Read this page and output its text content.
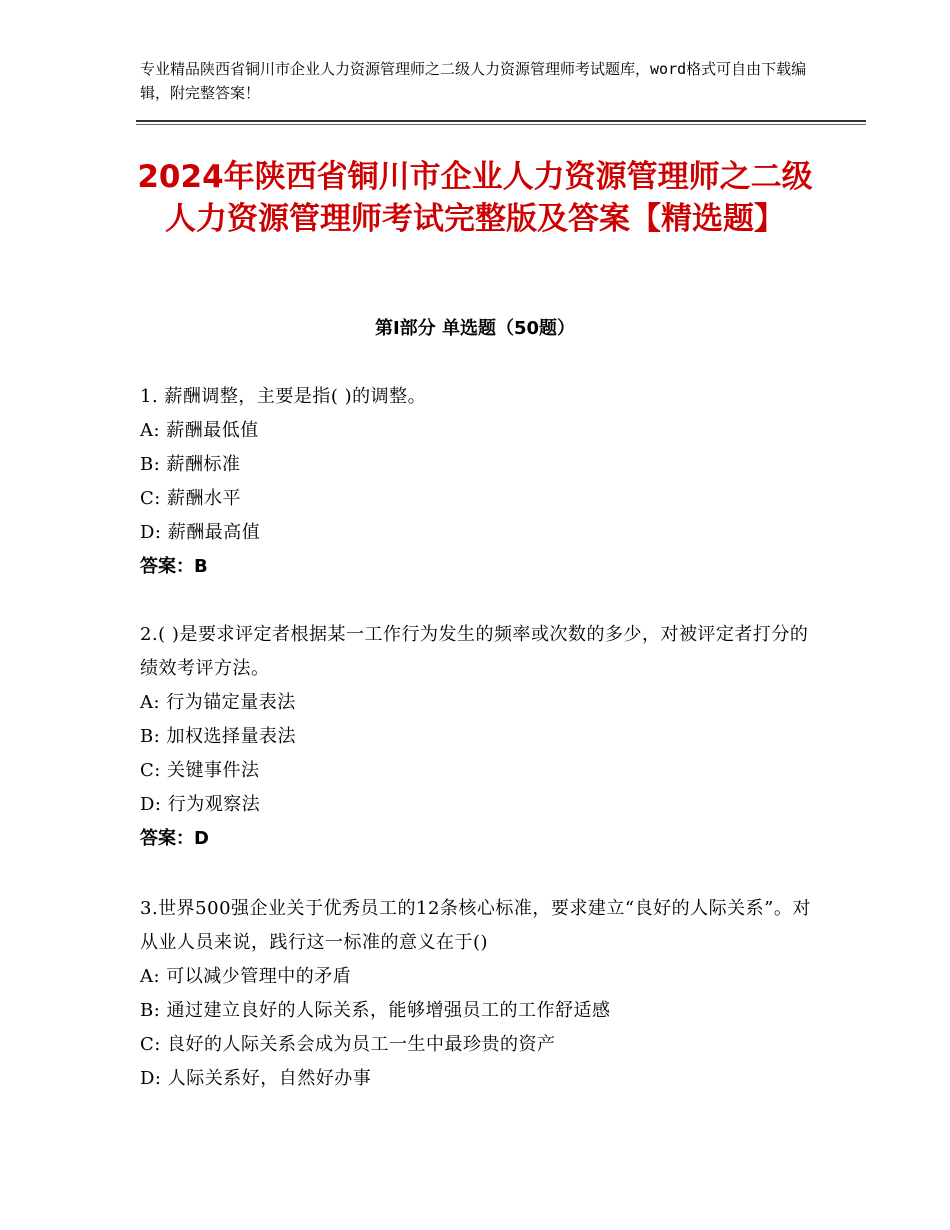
专业精品陕西省铜川市企业人力资源管理师之二级人力资源管理师考试题库，word格式可自由下载编辑，附完整答案！
2024年陕西省铜川市企业人力资源管理师之二级人力资源管理师考试完整版及答案【精选题】
第Ⅰ部分 单选题（50题）

1. 薪酬调整，主要是指( )的调整。

A: 薪酬最低值

B: 薪酬标准

C: 薪酬水平

D: 薪酬最高值

答案：B

2.( )是要求评定者根据某一工作行为发生的频率或次数的多少，对被评定者打分的绩效考评方法。

A: 行为锚定量表法

B: 加权选择量表法

C: 关键事件法

D: 行为观察法

答案：D

3.世界500强企业关于优秀员工的12条核心标准，要求建立“良好的人际关系”。对从业人员来说，践行这一标准的意义在于()

A: 可以减少管理中的矛盾

B: 通过建立良好的人际关系，能够增强员工的工作舒适感

C: 良好的人际关系会成为员工一生中最珍贵的资产

D: 人际关系好，自然好办事
